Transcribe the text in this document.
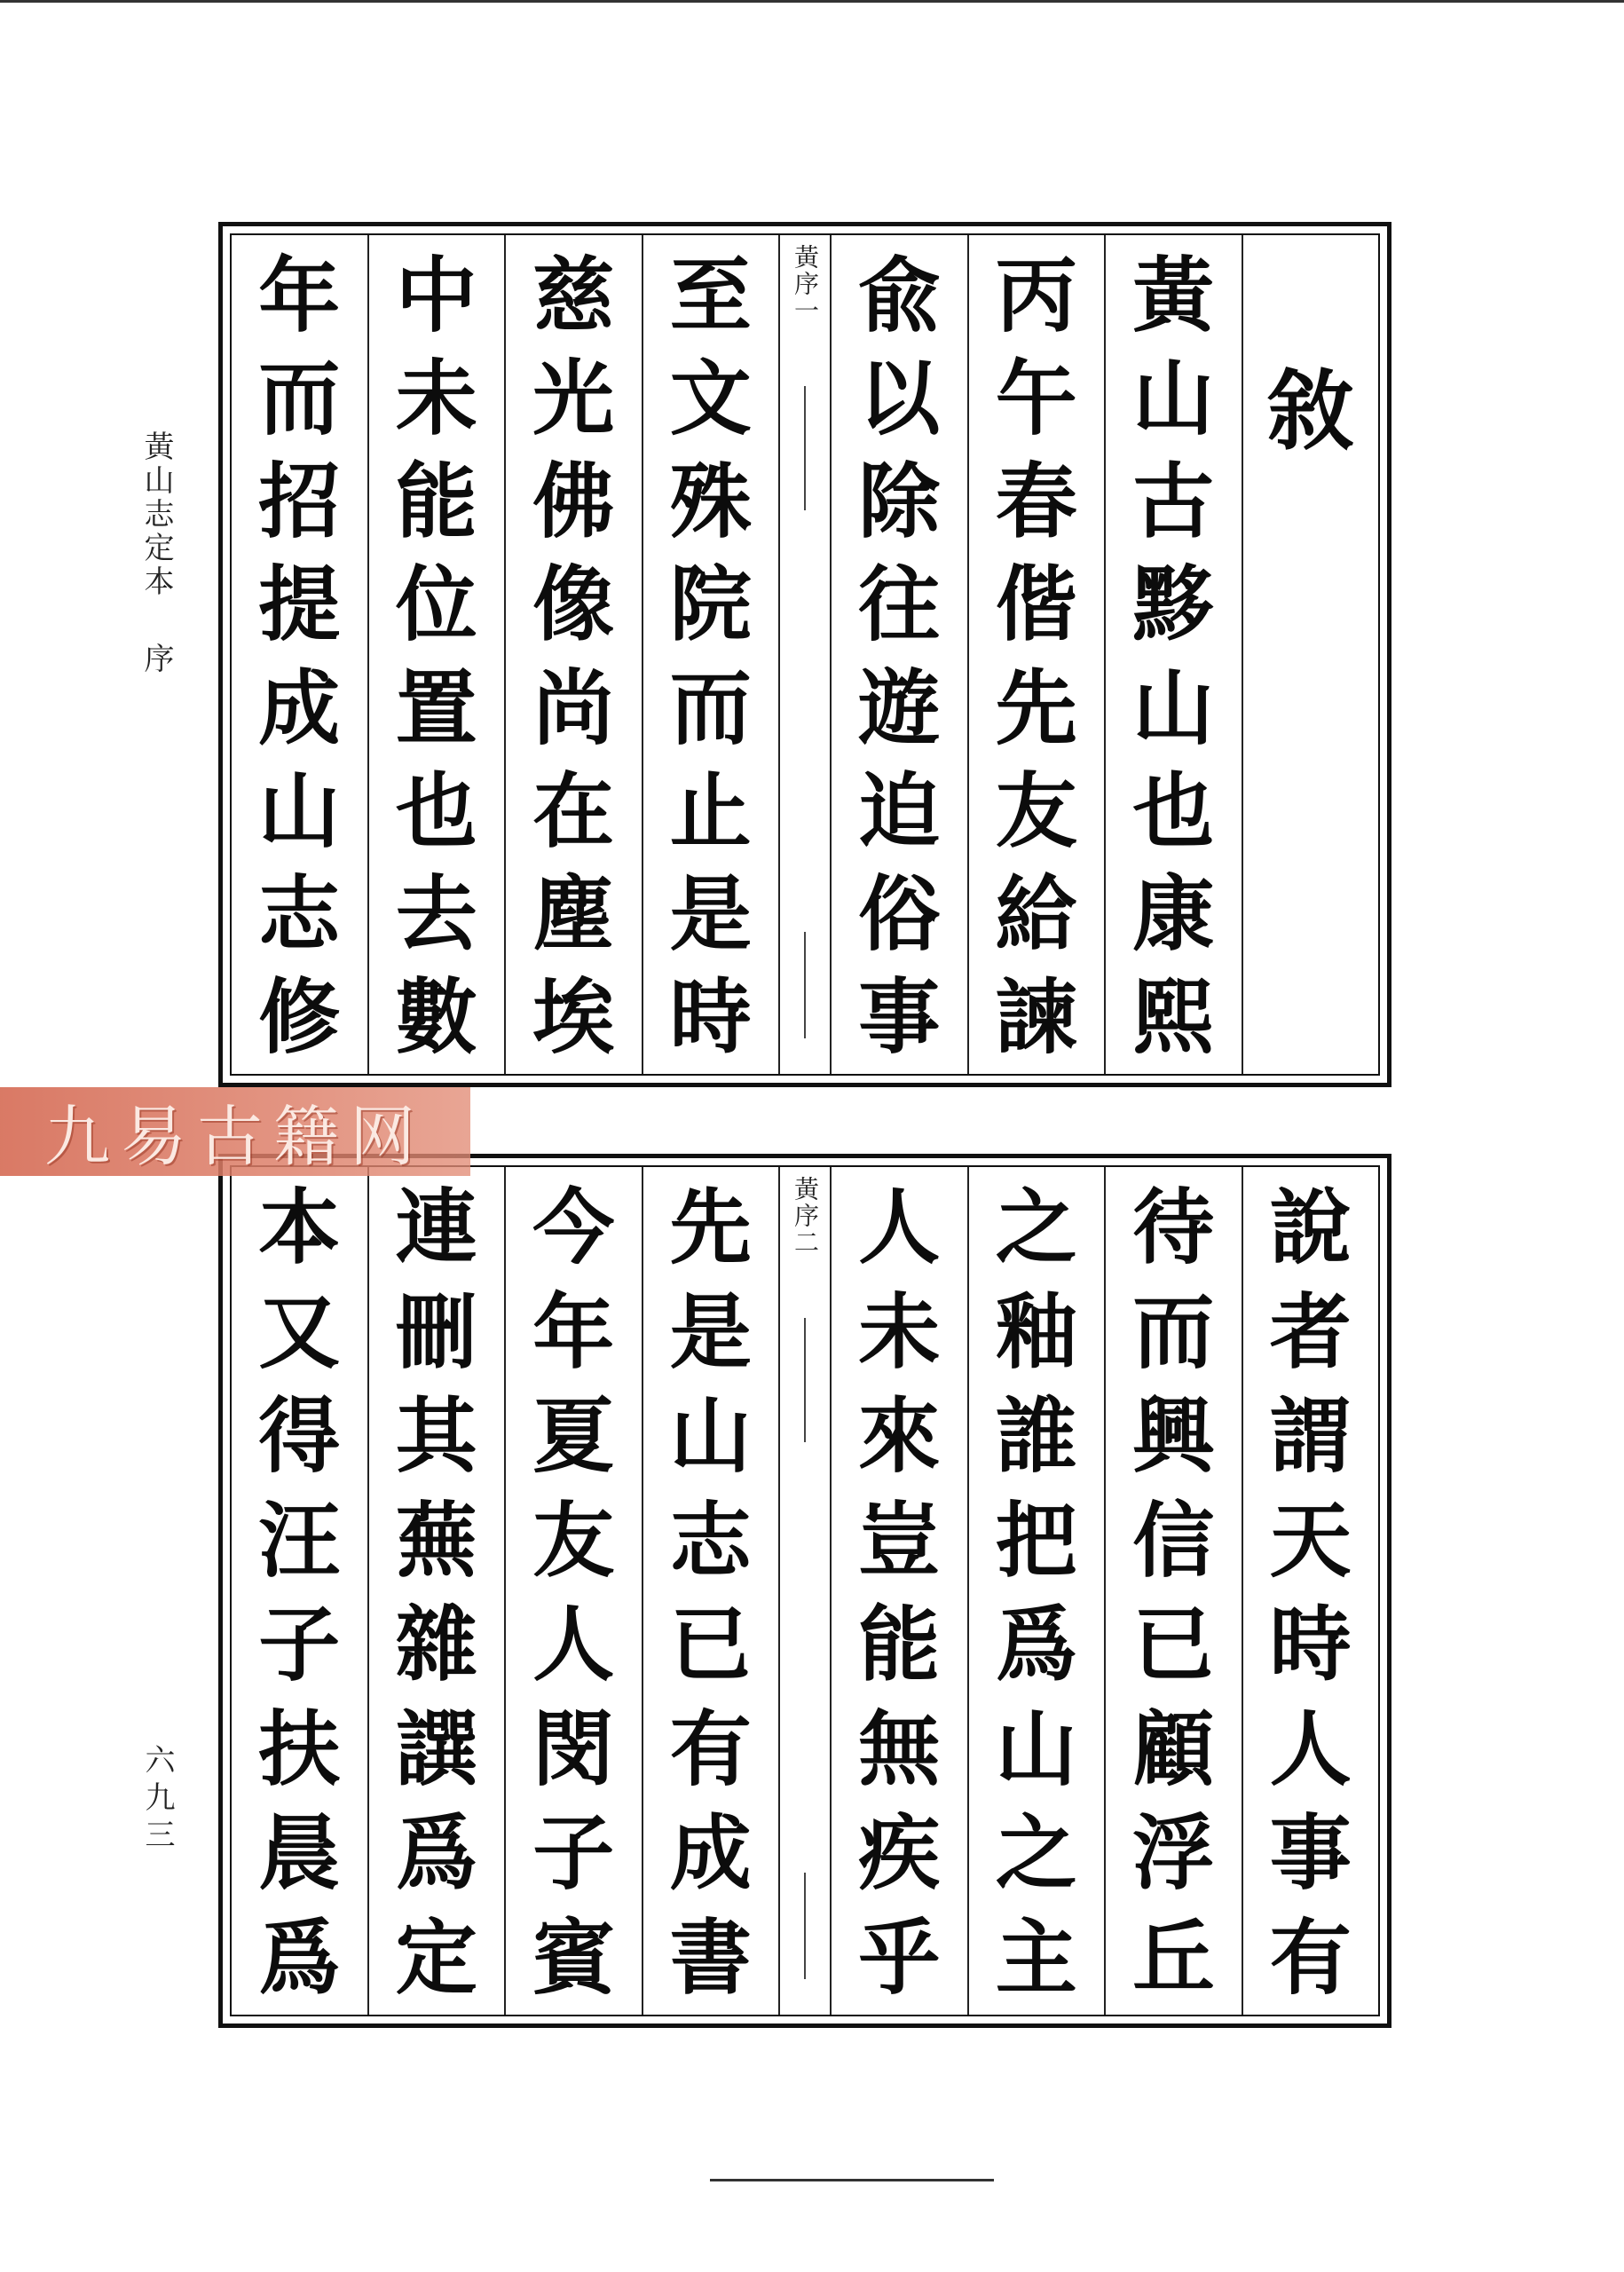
黃山志定本 序
六九三
敘
黃
山
古
黟
山
也
康
熙
丙
午
春
偕
先
友
給
諫
兪
以
除
往
遊
迫
俗
事
黃序一
至
文
殊
院
而
止
是
時
慈
光
佛
像
尚
在
塵
埃
中
未
能
位
置
也
去
數
年
而
招
提
成
山
志
修
說
者
謂
天
時
人
事
有
待
而
興
信
已
顧
浮
丘
之
釉
誰
把
爲
山
之
主
人
未
來
豈
能
無
疾
乎
黃序二
先
是
山
志
已
有
成
書
今
年
夏
友
人
閔
子
賓
連
刪
其
蕪
雜
譔
爲
定
本
又
得
汪
子
扶
晨
爲
九易古籍网
